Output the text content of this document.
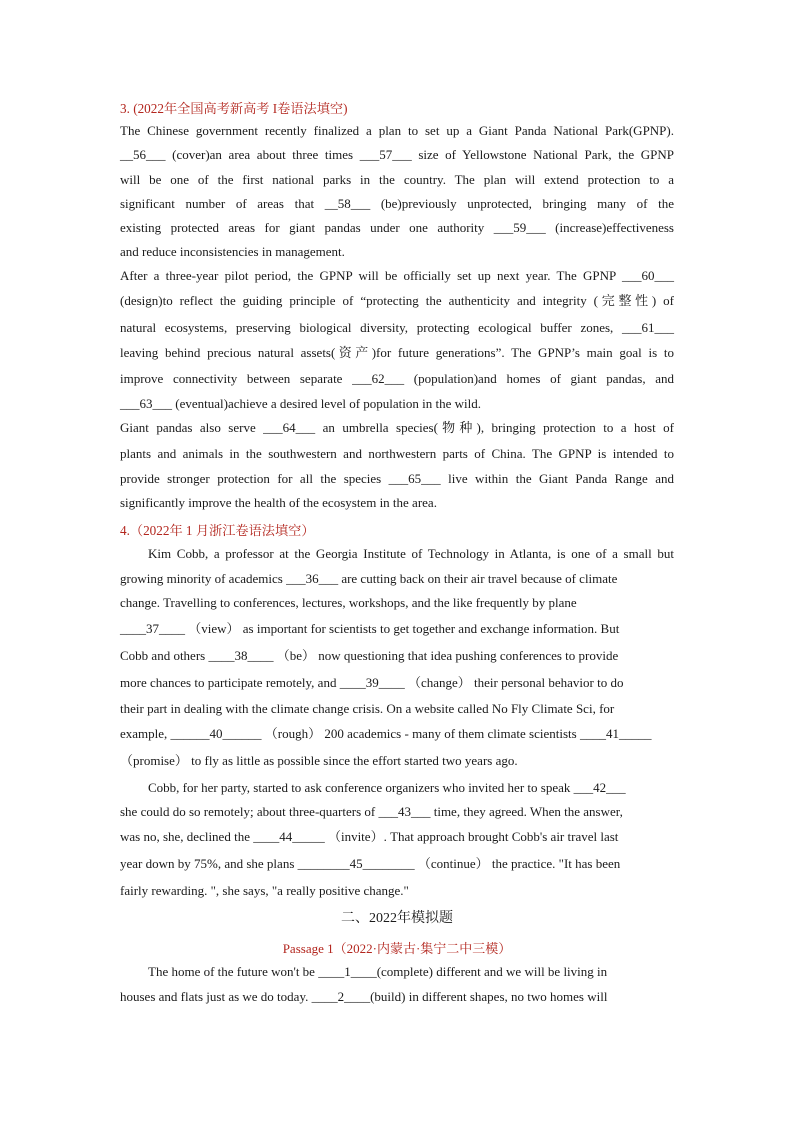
3. (2022年全国高考新高考 I卷语法填空)
The Chinese government recently finalized a plan to set up a Giant Panda National Park(GPNP).
__56___ (cover)an area about three times ___57___ size of Yellowstone National Park, the GPNP
will be one of the first national parks in the country. The plan will extend protection to a
significant number of areas that __58___ (be)previously unprotected, bringing many of the
existing protected areas for giant pandas under one authority ___59___ (increase)effectiveness
and reduce inconsistencies in management.
After a three-year pilot period, the GPNP will be officially set up next year. The GPNP ___60___
(design)to reflect the guiding principle of “protecting the authenticity and integrity (完整性) of
natural ecosystems, preserving biological diversity, protecting ecological buffer zones, ___61___
leaving behind precious natural assets(资产)for future generations”. The GPNP’s main goal is to
improve connectivity between separate ___62___ (population)and homes of giant pandas, and
___63___ (eventual)achieve a desired level of population in the wild.
Giant pandas also serve ___64___ an umbrella species(物种), bringing protection to a host of
plants and animals in the southwestern and northwestern parts of China. The GPNP is intended to
provide stronger protection for all the species ___65___ live within the Giant Panda Range and
significantly improve the health of the ecosystem in the area.
4.（2022年 1 月浙江卷语法填空）
Kim Cobb, a professor at the Georgia Institute of Technology in Atlanta, is one of a small but
growing minority of academics ___36___ are cutting back on their air travel because of climate
change. Travelling to conferences, lectures, workshops, and the like frequently by plane
____37____ （view） as important for scientists to get together and exchange information. But
Cobb and others ____38____ （be） now questioning that idea pushing conferences to provide
more chances to participate remotely, and ____39____ （change） their personal behavior to do
their part in dealing with the climate change crisis. On a website called No Fly Climate Sci, for
example, ______40______ （rough） 200 academics - many of them climate scientists ____41_____
（promise） to fly as little as possible since the effort started two years ago.
Cobb, for her party, started to ask conference organizers who invited her to speak ___42___
she could do so remotely; about three-quarters of ___43___ time, they agreed. When the answer,
was no, she, declined the ____44_____ （invite）. That approach brought Cobb's air travel last
year down by 75%, and she plans ________45________ （continue） the practice. "It has been
fairly rewarding. ", she says, "a really positive change."
二、2022年模拟题
Passage 1（2022·内蒙古·集宁二中三模）
The home of the future won't be ____1____(complete) different and we will be living in
houses and flats just as we do today. ____2____(build) in different shapes, no two homes will
